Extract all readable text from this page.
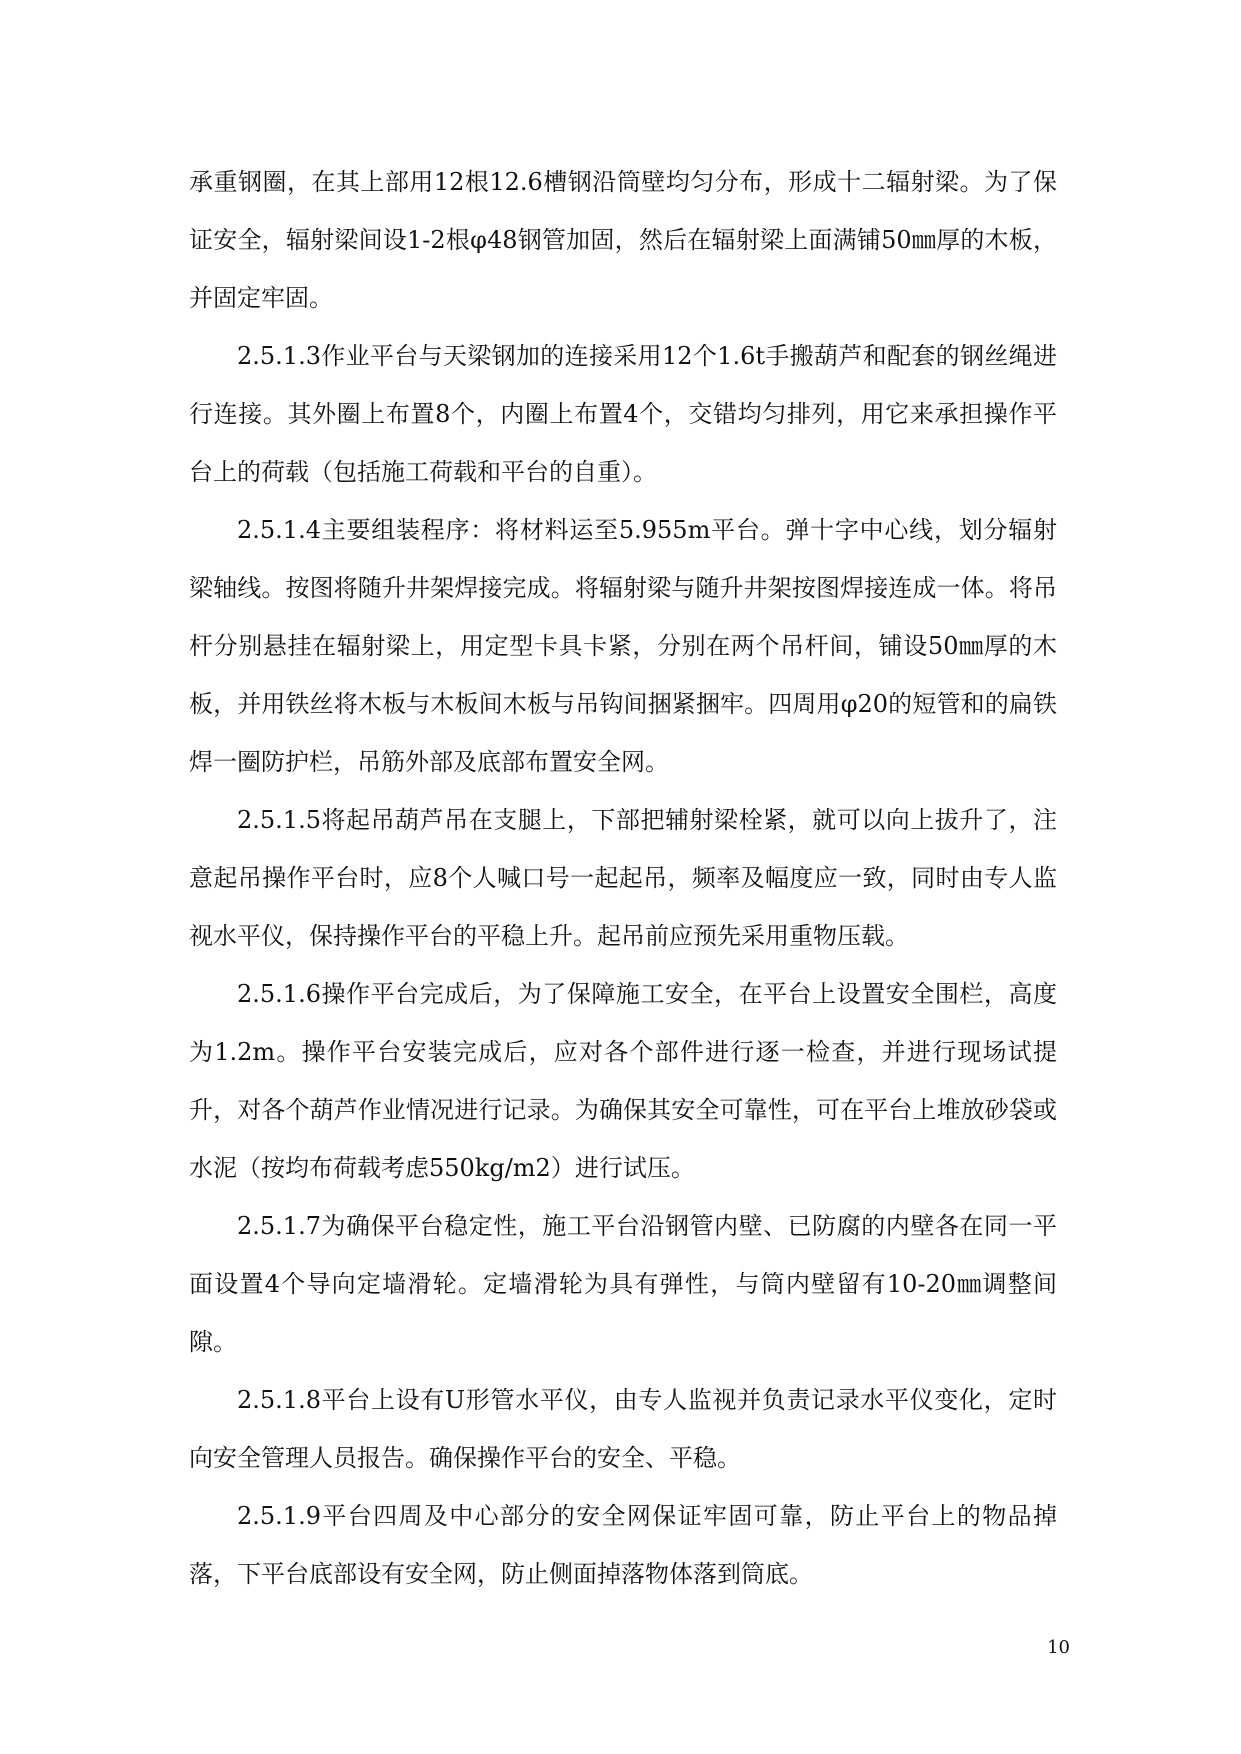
承重钢圈，在其上部用12根12.6槽钢沿筒壁均匀分布，形成十二辐射梁。为了保证安全，辐射梁间设1-2根φ48钢管加固，然后在辐射梁上面满铺50㎜厚的木板，并固定牢固。

2.5.1.3作业平台与天梁钢加的连接采用12个1.6t手搬葫芦和配套的钢丝绳进行连接。其外圈上布置8个，内圈上布置4个，交错均匀排列，用它来承担操作平台上的荷载（包括施工荷载和平台的自重）。

2.5.1.4主要组装程序：将材料运至5.955m平台。弹十字中心线，划分辐射梁轴线。按图将随升井架焊接完成。将辐射梁与随升井架按图焊接连成一体。将吊杆分别悬挂在辐射梁上，用定型卡具卡紧，分别在两个吊杆间，铺设50㎜厚的木板，并用铁丝将木板与木板间木板与吊钩间捆紧捆牢。四周用φ20的短管和的扁铁焊一圈防护栏，吊筋外部及底部布置安全网。

2.5.1.5将起吊葫芦吊在支腿上，下部把辅射梁栓紧，就可以向上拔升了，注意起吊操作平台时，应8个人喊口号一起起吊，频率及幅度应一致，同时由专人监视水平仪，保持操作平台的平稳上升。起吊前应预先采用重物压载。

2.5.1.6操作平台完成后，为了保障施工安全，在平台上设置安全围栏，高度为1.2m。操作平台安装完成后，应对各个部件进行逐一检查，并进行现场试提升，对各个葫芦作业情况进行记录。为确保其安全可靠性，可在平台上堆放砂袋或水泥（按均布荷载考虑550kg/m2）进行试压。

2.5.1.7为确保平台稳定性，施工平台沿钢管内壁、已防腐的内壁各在同一平面设置4个导向定墙滑轮。定墙滑轮为具有弹性，与筒内壁留有10-20㎜调整间隙。

2.5.1.8平台上设有U形管水平仪，由专人监视并负责记录水平仪变化，定时向安全管理人员报告。确保操作平台的安全、平稳。

2.5.1.9平台四周及中心部分的安全网保证牢固可靠，防止平台上的物品掉落，下平台底部设有安全网，防止侧面掉落物体落到筒底。

10
